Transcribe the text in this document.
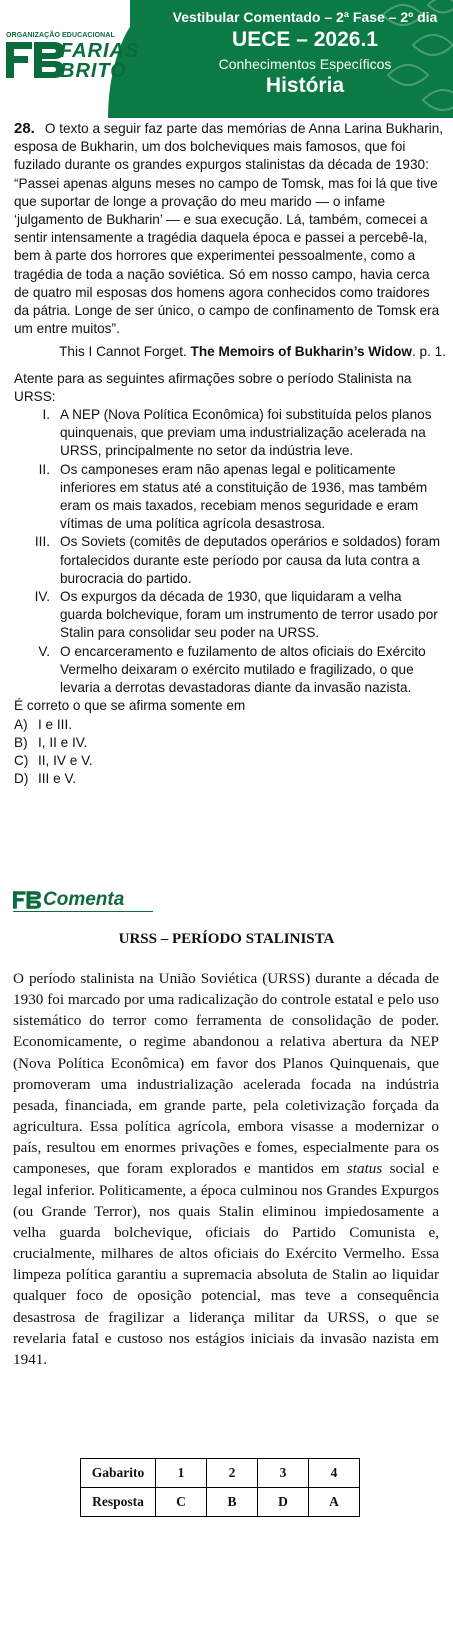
ORGANIZAÇÃO EDUCACIONAL
FARIAS
BRITO
Vestibular Comentado – 2ª Fase – 2º dia
UECE – 2026.1
Conhecimentos Específicos
História

28. O texto a seguir faz parte das memórias de Anna Larina Bukharin, esposa de Bukharin, um dos bolcheviques mais famosos, que foi fuzilado durante os grandes expurgos stalinistas da década de 1930: “Passei apenas alguns meses no campo de Tomsk, mas foi lá que tive que suportar de longe a provação do meu marido — o infame ‘julgamento de Bukharin’ — e sua execução. Lá, também, comecei a sentir intensamente a tragédia daquela época e passei a percebê-la, bem à parte dos horrores que experimentei pessoalmente, como a tragédia de toda a nação soviética. Só em nosso campo, havia cerca de quatro mil esposas dos homens agora conhecidos como traidores da pátria. Longe de ser único, o campo de confinamento de Tomsk era um entre muitos”.

This I Cannot Forget. The Memoirs of Bukharin’s Widow. p. 1.

Atente para as seguintes afirmações sobre o período Stalinista na URSS:

I. A NEP (Nova Política Econômica) foi substituída pelos planos quinquenais, que previam uma industrialização acelerada na URSS, principalmente no setor da indústria leve.
II. Os camponeses eram não apenas legal e politicamente inferiores em status até a constituição de 1936, mas também eram os mais taxados, recebiam menos seguridade e eram vítimas de uma política agrícola desastrosa.
III. Os Soviets (comitês de deputados operários e soldados) foram fortalecidos durante este período por causa da luta contra a burocracia do partido.
IV. Os expurgos da década de 1930, que liquidaram a velha guarda bolchevique, foram um instrumento de terror usado por Stalin para consolidar seu poder na URSS.
V. O encarceramento e fuzilamento de altos oficiais do Exército Vermelho deixaram o exército mutilado e fragilizado, o que levaria a derrotas devastadoras diante da invasão nazista.

É correto o que se afirma somente em

A) I e III.
B) I, II e IV.
C) II, IV e V.
D) III e V.
Comenta
URSS – PERÍODO STALINISTA

O período stalinista na União Soviética (URSS) durante a década de 1930 foi marcado por uma radicalização do controle estatal e pelo uso sistemático do terror como ferramenta de consolidação de poder. Economicamente, o regime abandonou a relativa abertura da NEP (Nova Política Econômica) em favor dos Planos Quinquenais, que promoveram uma industrialização acelerada focada na indústria pesada, financiada, em grande parte, pela coletivização forçada da agricultura. Essa política agrícola, embora visasse a modernizar o país, resultou em enormes privações e fomes, especialmente para os camponeses, que foram explorados e mantidos em status social e legal inferior. Politicamente, a época culminou nos Grandes Expurgos (ou Grande Terror), nos quais Stalin eliminou impiedosamente a velha guarda bolchevique, oficiais do Partido Comunista e, crucialmente, milhares de altos oficiais do Exército Vermelho. Essa limpeza política garantiu a supremacia absoluta de Stalin ao liquidar qualquer foco de oposição potencial, mas teve a consequência desastrosa de fragilizar a liderança militar da URSS, o que se revelaria fatal e custoso nos estágios iniciais da invasão nazista em 1941.

Gabarito	1	2	3	4
Resposta	C	B	D	A
